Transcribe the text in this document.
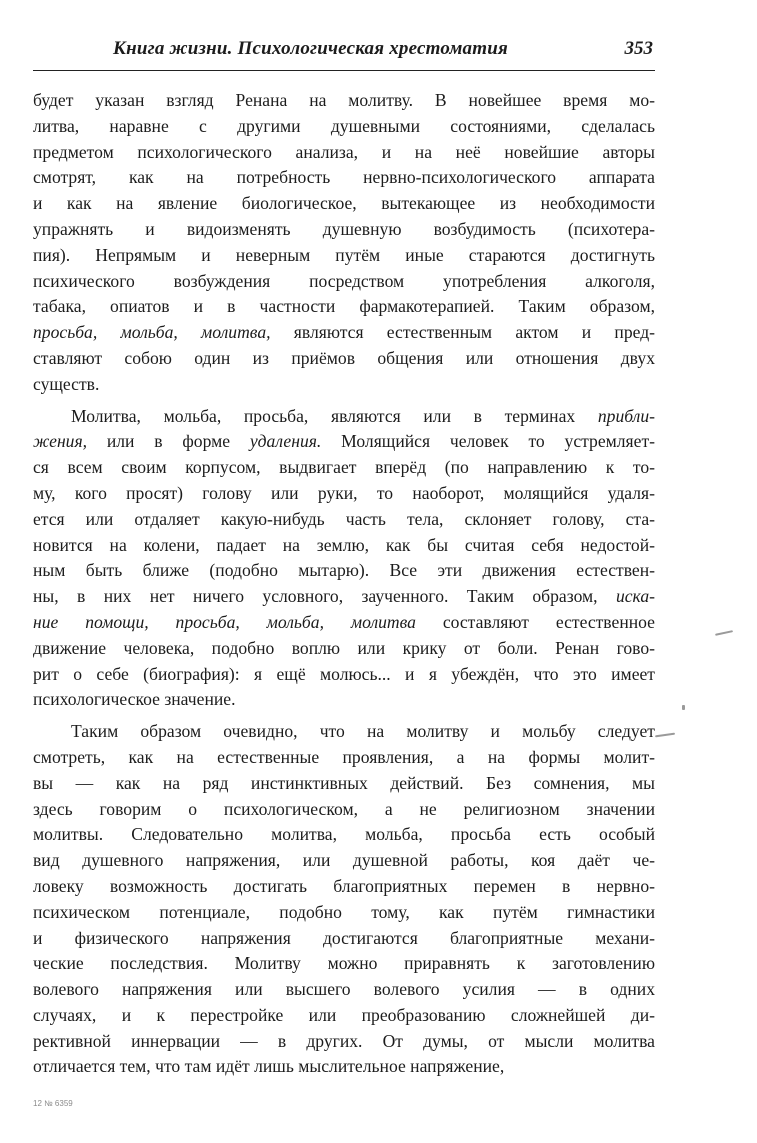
Книга жизни. Психологическая хрестоматия	353
будет указан взгляд Ренана на молитву. В новейшее время мо-
литва, наравне с другими душевными состояниями, сделалась
предметом психологического анализа, и на неё новейшие авторы
смотрят, как на потребность нервно-психологического аппарата
и как на явление биологическое, вытекающее из необходимости
упражнять и видоизменять душевную возбудимость (психотера-
пия). Непрямым и неверным путём иные стараются достигнуть
психического возбуждения посредством употребления алкоголя,
табака, опиатов и в частности фармакотерапией. Таким образом,
просьба, мольба, молитва, являются естественным актом и пред-
ставляют собою один из приёмов общения или отношения двух
существ.
Молитва, мольба, просьба, являются или в терминах прибли-
жения, или в форме удаления. Молящийся человек то устремляет-
ся всем своим корпусом, выдвигает вперёд (по направлению к то-
му, кого просят) голову или руки, то наоборот, молящийся удаля-
ется или отдаляет какую-нибудь часть тела, склоняет голову, ста-
новится на колени, падает на землю, как бы считая себя недостой-
ным быть ближе (подобно мытарю). Все эти движения естествен-
ны, в них нет ничего условного, заученного. Таким образом, иска-
ние помощи, просьба, мольба, молитва составляют естественное
движение человека, подобно воплю или крику от боли. Ренан гово-
рит о себе (биография): я ещё молюсь... и я убеждён, что это имеет
психологическое значение.
Таким образом очевидно, что на молитву и мольбу следует
смотреть, как на естественные проявления, а на формы молит-
вы — как на ряд инстинктивных действий. Без сомнения, мы
здесь говорим о психологическом, а не религиозном значении
молитвы. Следовательно молитва, мольба, просьба есть особый
вид душевного напряжения, или душевной работы, коя даёт че-
ловеку возможность достигать благоприятных перемен в нервно-
психическом потенциале, подобно тому, как путём гимнастики
и физического напряжения достигаются благоприятные механи-
ческие последствия. Молитву можно приравнять к заготовлению
волевого напряжения или высшего волевого усилия — в одних
случаях, и к перестройке или преобразованию сложнейшей ди-
рективной иннервации — в других. От думы, от мысли молитва
отличается тем, что там идёт лишь мыслительное напряжение,
12 № 6359
